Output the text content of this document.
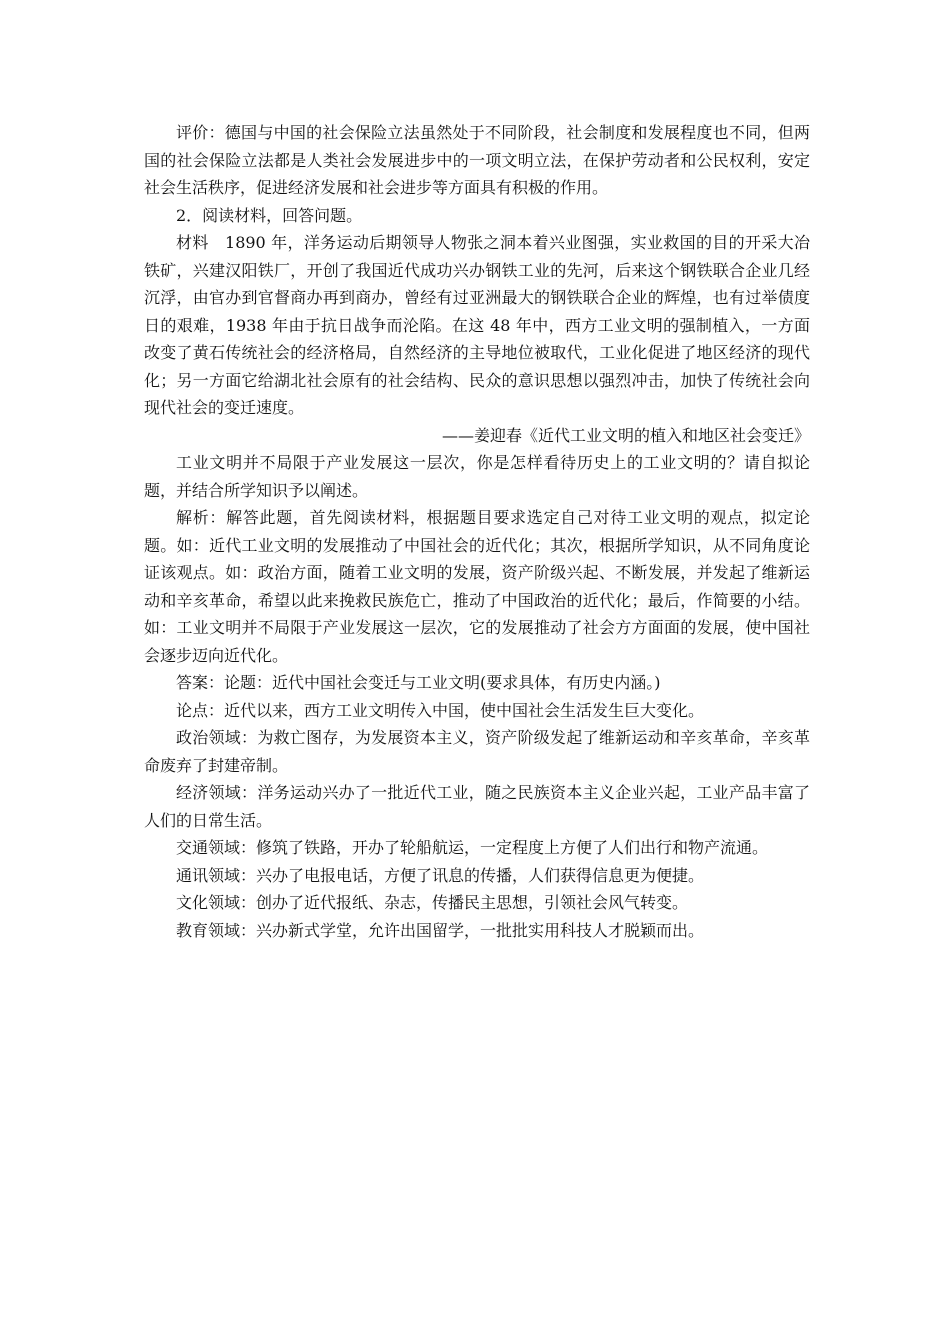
评价：德国与中国的社会保险立法虽然处于不同阶段，社会制度和发展程度也不同，但两国的社会保险立法都是人类社会发展进步中的一项文明立法，在保护劳动者和公民权利，安定社会生活秩序，促进经济发展和社会进步等方面具有积极的作用。

2．阅读材料，回答问题。

材料　1890 年，洋务运动后期领导人物张之洞本着兴业图强，实业救国的目的开采大冶铁矿，兴建汉阳铁厂，开创了我国近代成功兴办钢铁工业的先河，后来这个钢铁联合企业几经沉浮，由官办到官督商办再到商办，曾经有过亚洲最大的钢铁联合企业的辉煌，也有过举债度日的艰难，1938 年由于抗日战争而沦陷。在这 48 年中，西方工业文明的强制植入，一方面改变了黄石传统社会的经济格局，自然经济的主导地位被取代，工业化促进了地区经济的现代化；另一方面它给湖北社会原有的社会结构、民众的意识思想以强烈冲击，加快了传统社会向现代社会的变迁速度。

——姜迎春《近代工业文明的植入和地区社会变迁》

工业文明并不局限于产业发展这一层次，你是怎样看待历史上的工业文明的？请自拟论题，并结合所学知识予以阐述。

解析：解答此题，首先阅读材料，根据题目要求选定自己对待工业文明的观点，拟定论题。如：近代工业文明的发展推动了中国社会的近代化；其次，根据所学知识，从不同角度论证该观点。如：政治方面，随着工业文明的发展，资产阶级兴起、不断发展，并发起了维新运动和辛亥革命，希望以此来挽救民族危亡，推动了中国政治的近代化；最后，作简要的小结。如：工业文明并不局限于产业发展这一层次，它的发展推动了社会方方面面的发展，使中国社会逐步迈向近代化。

答案：论题：近代中国社会变迁与工业文明(要求具体，有历史内涵。)

论点：近代以来，西方工业文明传入中国，使中国社会生活发生巨大变化。

政治领域：为救亡图存，为发展资本主义，资产阶级发起了维新运动和辛亥革命，辛亥革命废弃了封建帝制。

经济领域：洋务运动兴办了一批近代工业，随之民族资本主义企业兴起，工业产品丰富了人们的日常生活。

交通领域：修筑了铁路，开办了轮船航运，一定程度上方便了人们出行和物产流通。

通讯领域：兴办了电报电话，方便了讯息的传播，人们获得信息更为便捷。

文化领域：创办了近代报纸、杂志，传播民主思想，引领社会风气转变。

教育领域：兴办新式学堂，允许出国留学，一批批实用科技人才脱颖而出。
